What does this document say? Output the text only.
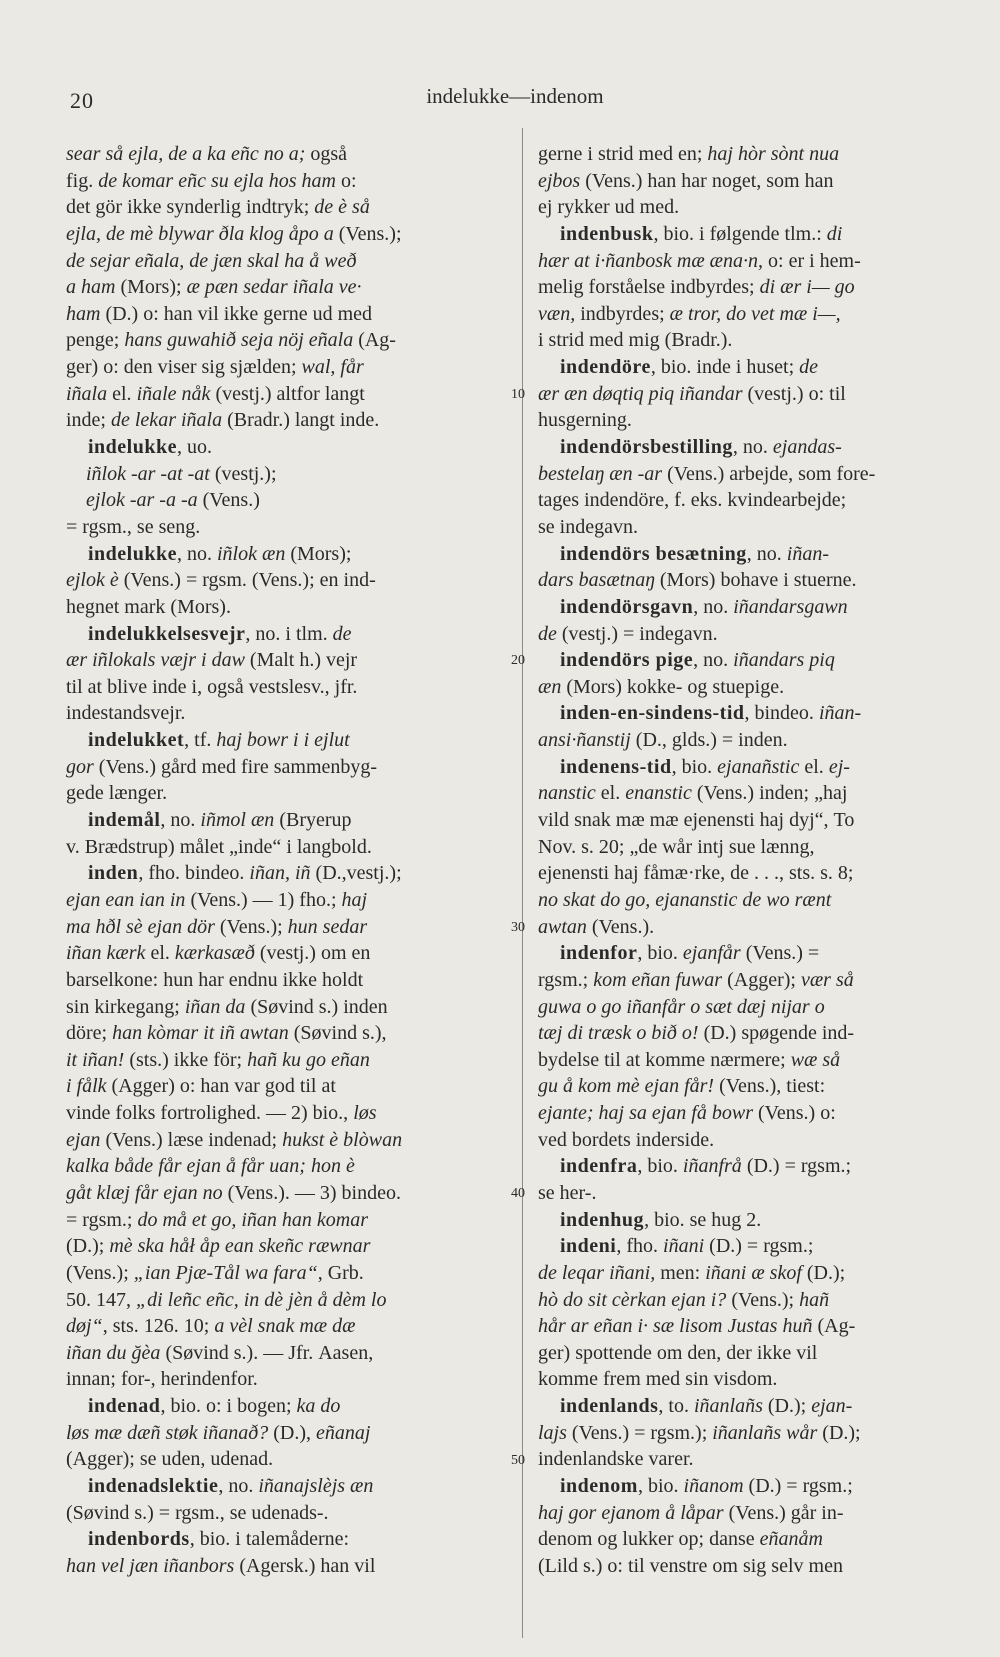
20	indelukke—indenom
sear så ejla, de a ka eñc no a; også
fig. de komar eñc su ejla hos ham o:
det gör ikke synderlig indtryk; de è så
ejla, de mè blywar ðla klog åpo a (Vens.);
de sejar eñala, de jæn skal ha å weð
a ham (Mors); æ pæn sedar iñala ve·
ham (D.) o: han vil ikke gerne ud med
penge; hans guwahið seja nöj eñala (Ag-
ger) o: den viser sig sjælden; wal, får
iñala el. iñale nåk (vestj.) altfor langt
inde; de lekar iñala (Bradr.) langt inde.
indelukke, uo.
iñlok -ar -at -at (vestj.);
ejlok -ar -a -a (Vens.)
= rgsm., se seng.
indelukke, no. iñlok æn (Mors);
ejlok è (Vens.) = rgsm. (Vens.); en ind-
hegnet mark (Mors).
indelukkelsesvejr, no. i tlm. de
ær iñlokals væjr i daw (Malt h.) vejr
til at blive inde i, også vestslesv., jfr.
indestandsvejr.
indelukket, tf. haj bowr i i ejlut
gor (Vens.) gård med fire sammenbyg-
gede længer.
indemål, no. iñmol æn (Bryerup
v. Brædstrup) målet „inde“ i langbold.
inden, fho. bindeo. iñan, iñ (D.,vestj.);
ejan ean ian in (Vens.) — 1) fho.; haj
ma hðl sè ejan dör (Vens.); hun sedar
iñan kærk el. kærkasæð (vestj.) om en
barselkone: hun har endnu ikke holdt
sin kirkegang; iñan da (Søvind s.) inden
döre; han kòmar it iñ awtan (Søvind s.),
it iñan! (sts.) ikke för; hañ ku go eñan
i fålk (Agger) o: han var god til at
vinde folks fortrolighed. — 2) bio., løs
ejan (Vens.) læse indenad; hukst è blòwan
kalka både får ejan å får uan; hon è
gåt klæj får ejan no (Vens.). — 3) bindeo.
= rgsm.; do må et go, iñan han komar
(D.); mè ska håł åp ean skeñc ræwnar
(Vens.); „ian Pjæ-Tål wa fara“, Grb.
50. 147, „di leñc eñc, in dè jèn å dèm lo
døj“, sts. 126. 10; a vèl snak mæ dæ
iñan du ğèa (Søvind s.). — Jfr. Aasen,
innan; for-, herindenfor.
indenad, bio. o: i bogen; ka do
løs mæ dæñ støk iñanað? (D.), eñanaj
(Agger); se uden, udenad.
indenadslektie, no. iñanajslèjs æn
(Søvind s.) = rgsm., se udenads-.
indenbords, bio. i talemåderne:
han vel jæn iñanbors (Agersk.) han vil
gerne i strid med en; haj hòr sònt nua
ejbos (Vens.) han har noget, som han
ej rykker ud med.
indenbusk, bio. i følgende tlm.: di
hær at i·ñanbosk mæ æna·n, o: er i hem-
melig forståelse indbyrdes; di ær i— go
væn, indbyrdes; æ tror, do vet mæ i—,
i strid med mig (Bradr.).
indendöre, bio. inde i huset; de
ær æn døqtiq piq iñandar (vestj.) o: til
husgerning.
indendörsbestilling, no. ejandas-
bestelaŋ æn -ar (Vens.) arbejde, som fore-
tages indendöre, f. eks. kvindearbejde;
se indegavn.
indendörs besætning, no. iñan-
dars basætnaŋ (Mors) bohave i stuerne.
indendörsgavn, no. iñandarsgawn
de (vestj.) = indegavn.
indendörs pige, no. iñandars piq
æn (Mors) kokke- og stuepige.
inden-en-sindens-tid, bindeo. iñan-
ansi·ñanstij (D., glds.) = inden.
indenens-tid, bio. ejanañstic el. ej-
nanstic el. enanstic (Vens.) inden; „haj
vild snak mæ mæ ejenensti haj dyj“, To
Nov. s. 20; „de wår intj sue lænng,
ejenensti haj fåmæ·rke, de . . ., sts. s. 8;
no skat do go, ejananstic de wo rænt
awtan (Vens.).
indenfor, bio. ejanfår (Vens.) =
rgsm.; kom eñan fuwar (Agger); vær så
guwa o go iñanfår o sæt dæj nijar o
tæj di træsk o bið o! (D.) spøgende ind-
bydelse til at komme nærmere; wæ så
gu å kom mè ejan får! (Vens.), tiest:
ejante; haj sa ejan få bowr (Vens.) o:
ved bordets inderside.
indenfra, bio. iñanfrå (D.) = rgsm.;
se her-.
indenhug, bio. se hug 2.
indeni, fho. iñani (D.) = rgsm.;
de leqar iñani, men: iñani æ skof (D.);
hò do sit cèrkan ejan i? (Vens.); hañ
hår ar eñan i· sæ lisom Justas huñ (Ag-
ger) spottende om den, der ikke vil
komme frem med sin visdom.
indenlands, to. iñanlañs (D.); ejan-
lajs (Vens.) = rgsm.); iñanlañs wår (D.);
indenlandske varer.
indenom, bio. iñanom (D.) = rgsm.;
haj gor ejanom å låpar (Vens.) går in-
denom og lukker op; danse eñanåm
(Lild s.) o: til venstre om sig selv men
10
20
30
40
50
